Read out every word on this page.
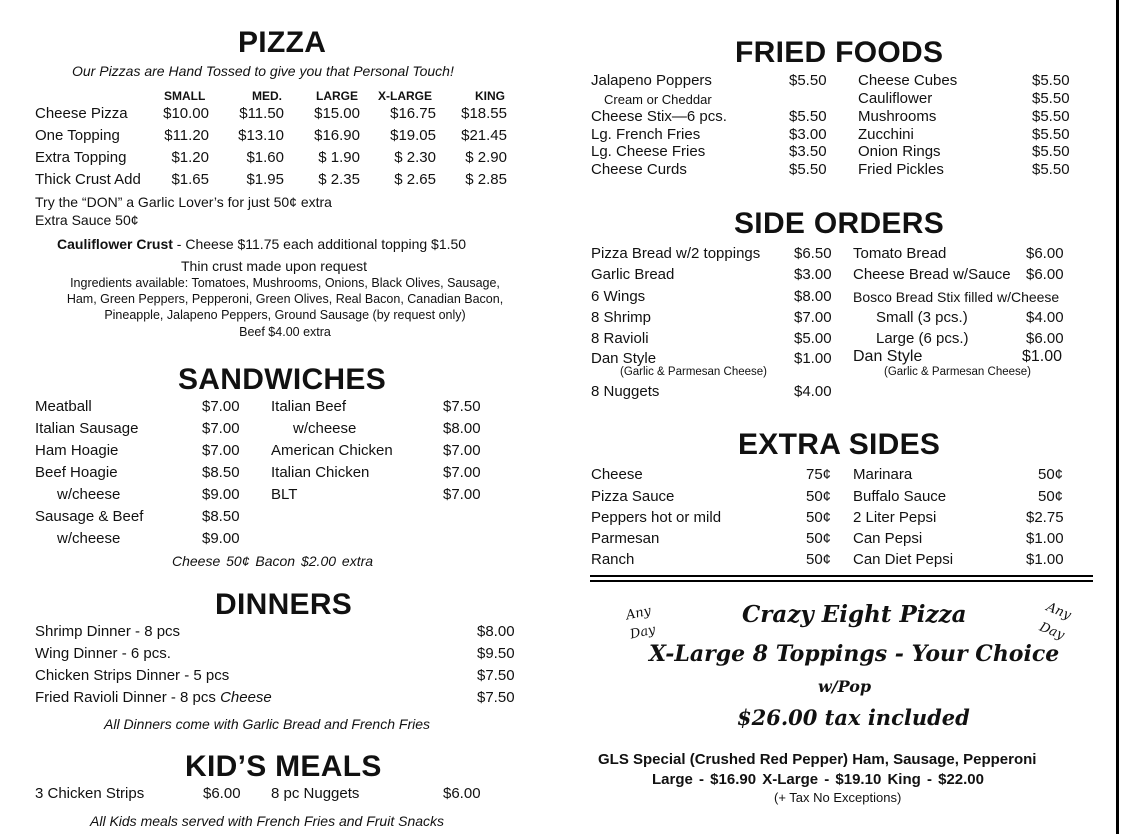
PIZZA
Our Pizzas are Hand Tossed to give you that Personal Touch!
SMALL	MED.	LARGE X-LARGE	KING
Cheese Pizza	$10.00	$11.50	$15.00	$16.75	$18.55
One Topping	$11.20	$13.10	$16.90	$19.05	$21.45
Extra Topping	$1.20	$1.60	$ 1.90	$ 2.30	$ 2.90
Thick Crust Add	$1.65	$1.95	$ 2.35	$ 2.65	$ 2.85
Try the “DON” a Garlic Lover’s for just 50¢ extra
Extra Sauce 50¢
Cauliflower Crust - Cheese $11.75 each additional topping $1.50
Thin crust made upon request
Ingredients available: Tomatoes, Mushrooms, Onions, Black Olives, Sausage,
Ham, Green Peppers, Pepperoni, Green Olives, Real Bacon, Canadian Bacon,
Pineapple, Jalapeno Peppers, Ground Sausage (by request only)
Beef $4.00 extra
SANDWICHES
Meatball	$7.00
Italian Sausage	$7.00
Ham Hoagie	$7.00
Beef Hoagie	$8.50
w/cheese	$9.00
Sausage & Beef	$8.50
w/cheese	$9.00
Italian Beef	$7.50
w/cheese	$8.00
American Chicken	$7.00
Italian Chicken	$7.00
BLT	$7.00
Cheese 50¢ Bacon $2.00 extra
DINNERS
Shrimp Dinner - 8 pcs	$8.00
Wing Dinner - 6 pcs.	$9.50
Chicken Strips Dinner - 5 pcs	$7.50
Fried Ravioli Dinner - 8 pcs Cheese	$7.50
All Dinners come with Garlic Bread and French Fries
KID’S MEALS
3 Chicken Strips	$6.00 8 pc Nuggets	$6.00
All Kids meals served with French Fries and Fruit Snacks
FRIED FOODS
Jalapeno Poppers	$5.50
Cream or Cheddar
Cheese Stix—6 pcs.	$5.50
Lg. French Fries	$3.00
Lg. Cheese Fries	$3.50
Cheese Curds	$5.50
Cheese Cubes	$5.50
Cauliflower	$5.50
Mushrooms	$5.50
Zucchini	$5.50
Onion Rings	$5.50
Fried Pickles	$5.50
SIDE ORDERS
Pizza Bread w/2 toppings $6.50
Garlic Bread	$3.00
6 Wings	$8.00
8 Shrimp	$7.00
8 Ravioli	$5.00
Dan Style	$1.00
(Garlic & Parmesan Cheese)
8 Nuggets	$4.00
Tomato Bread	$6.00
Cheese Bread w/Sauce $6.00
Bosco Bread Stix filled w/Cheese
Small (3 pcs.)	$4.00
Large (6 pcs.)	$6.00
Dan Style	$1.00
(Garlic & Parmesan Cheese)
EXTRA SIDES
Cheese	75¢
Pizza Sauce	50¢
Peppers hot or mild	50¢
Parmesan	50¢
Ranch	50¢
Marinara	50¢
Buffalo Sauce	50¢
2 Liter Pepsi	$2.75
Can Pepsi	$1.00
Can Diet Pepsi	$1.00
Any
Day
Any
Day
Crazy Eight Pizza
X-Large 8 Toppings - Your Choice
w/Pop
$26.00 tax included
GLS Special (Crushed Red Pepper) Ham, Sausage, Pepperoni
Large - $16.90 X-Large - $19.10 King - $22.00
(+ Tax No Exceptions)
